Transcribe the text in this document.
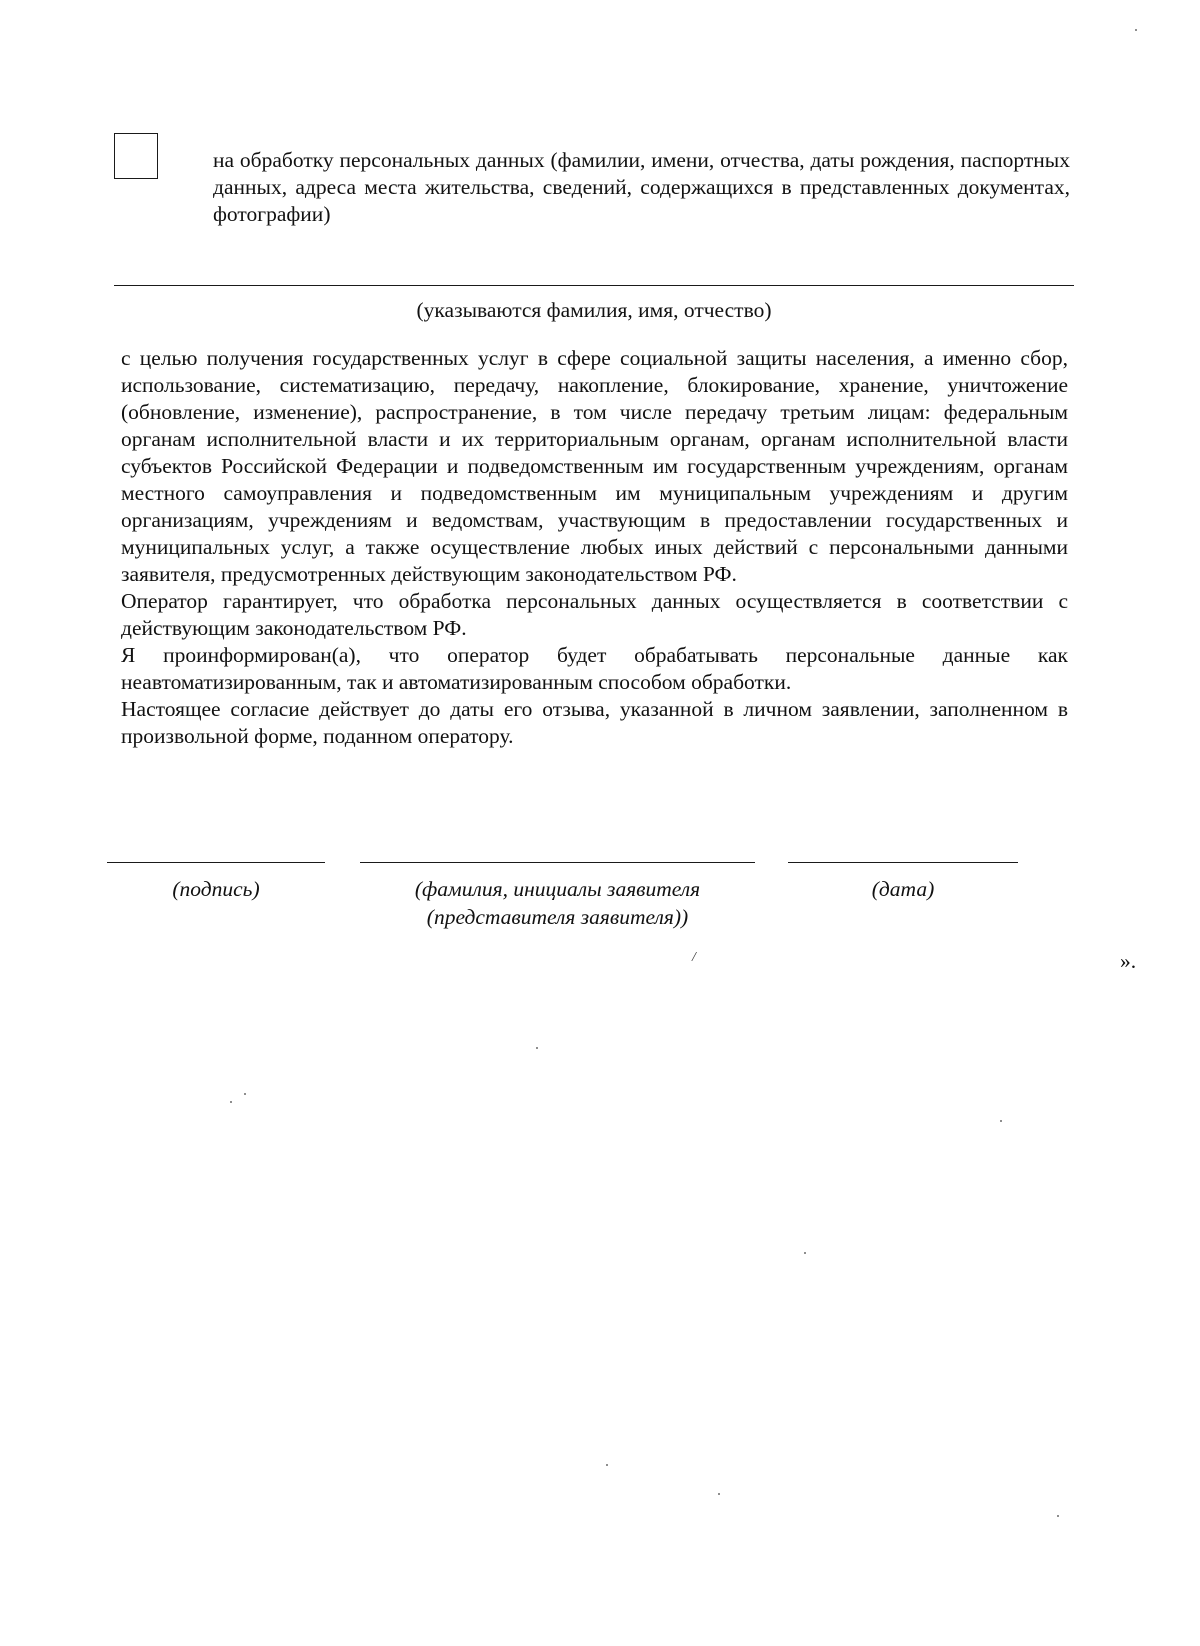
на обработку персональных данных (фамилии, имени, отчества, даты рождения, паспортных данных, адреса места жительства, сведений, содержащихся в представленных документах, фотографии)

(указываются фамилия, имя, отчество)

с целью получения государственных услуг в сфере социальной защиты населения, а именно сбор, использование, систематизацию, передачу, накопление, блокирование, хранение, уничтожение (обновление, изменение), распространение, в том числе передачу третьим лицам: федеральным органам исполнительной власти и их территориальным органам, органам исполнительной власти субъектов Российской Федерации и подведомственным им государственным учреждениям, органам местного самоуправления и подведомственным им муниципальным учреждениям и другим организациям, учреждениям и ведомствам, участвующим в предоставлении государственных и муниципальных услуг, а также осуществление любых иных действий с персональными данными заявителя, предусмотренных действующим законодательством РФ.

Оператор гарантирует, что обработка персональных данных осуществляется в соответствии с действующим законодательством РФ.

Я проинформирован(а), что оператор будет обрабатывать персональные данные как неавтоматизированным, так и автоматизированным способом обработки.

Настоящее согласие действует до даты его отзыва, указанной в личном заявлении, заполненном в произвольной форме, поданном оператору.

(подпись)	(фамилия, инициалы заявителя
(представителя заявителя))
(дата)
».
/
